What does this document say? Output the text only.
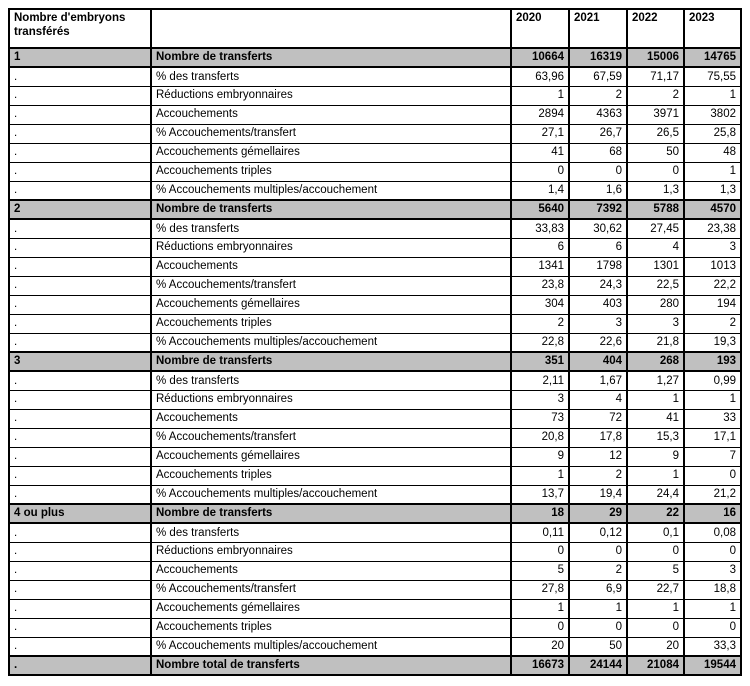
Nombre d'embryons transférés		2020	2021	2022	2023
1	Nombre de transferts	10664	16319	15006	14765
.	% des transferts	63,96	67,59	71,17	75,55
.	Réductions embryonnaires	1	2	2	1
.	Accouchements	2894	4363	3971	3802
.	% Accouchements/transfert	27,1	26,7	26,5	25,8
.	Accouchements gémellaires	41	68	50	48
.	Accouchements triples	0	0	0	1
.	% Accouchements multiples/accouchement	1,4	1,6	1,3	1,3
2	Nombre de transferts	5640	7392	5788	4570
.	% des transferts	33,83	30,62	27,45	23,38
.	Réductions embryonnaires	6	6	4	3
.	Accouchements	1341	1798	1301	1013
.	% Accouchements/transfert	23,8	24,3	22,5	22,2
.	Accouchements gémellaires	304	403	280	194
.	Accouchements triples	2	3	3	2
.	% Accouchements multiples/accouchement	22,8	22,6	21,8	19,3
3	Nombre de transferts	351	404	268	193
.	% des transferts	2,11	1,67	1,27	0,99
.	Réductions embryonnaires	3	4	1	1
.	Accouchements	73	72	41	33
.	% Accouchements/transfert	20,8	17,8	15,3	17,1
.	Accouchements gémellaires	9	12	9	7
.	Accouchements triples	1	2	1	0
.	% Accouchements multiples/accouchement	13,7	19,4	24,4	21,2
4 ou plus	Nombre de transferts	18	29	22	16
.	% des transferts	0,11	0,12	0,1	0,08
.	Réductions embryonnaires	0	0	0	0
.	Accouchements	5	2	5	3
.	% Accouchements/transfert	27,8	6,9	22,7	18,8
.	Accouchements gémellaires	1	1	1	1
.	Accouchements triples	0	0	0	0
.	% Accouchements multiples/accouchement	20	50	20	33,3
.	Nombre total de transferts	16673	24144	21084	19544
